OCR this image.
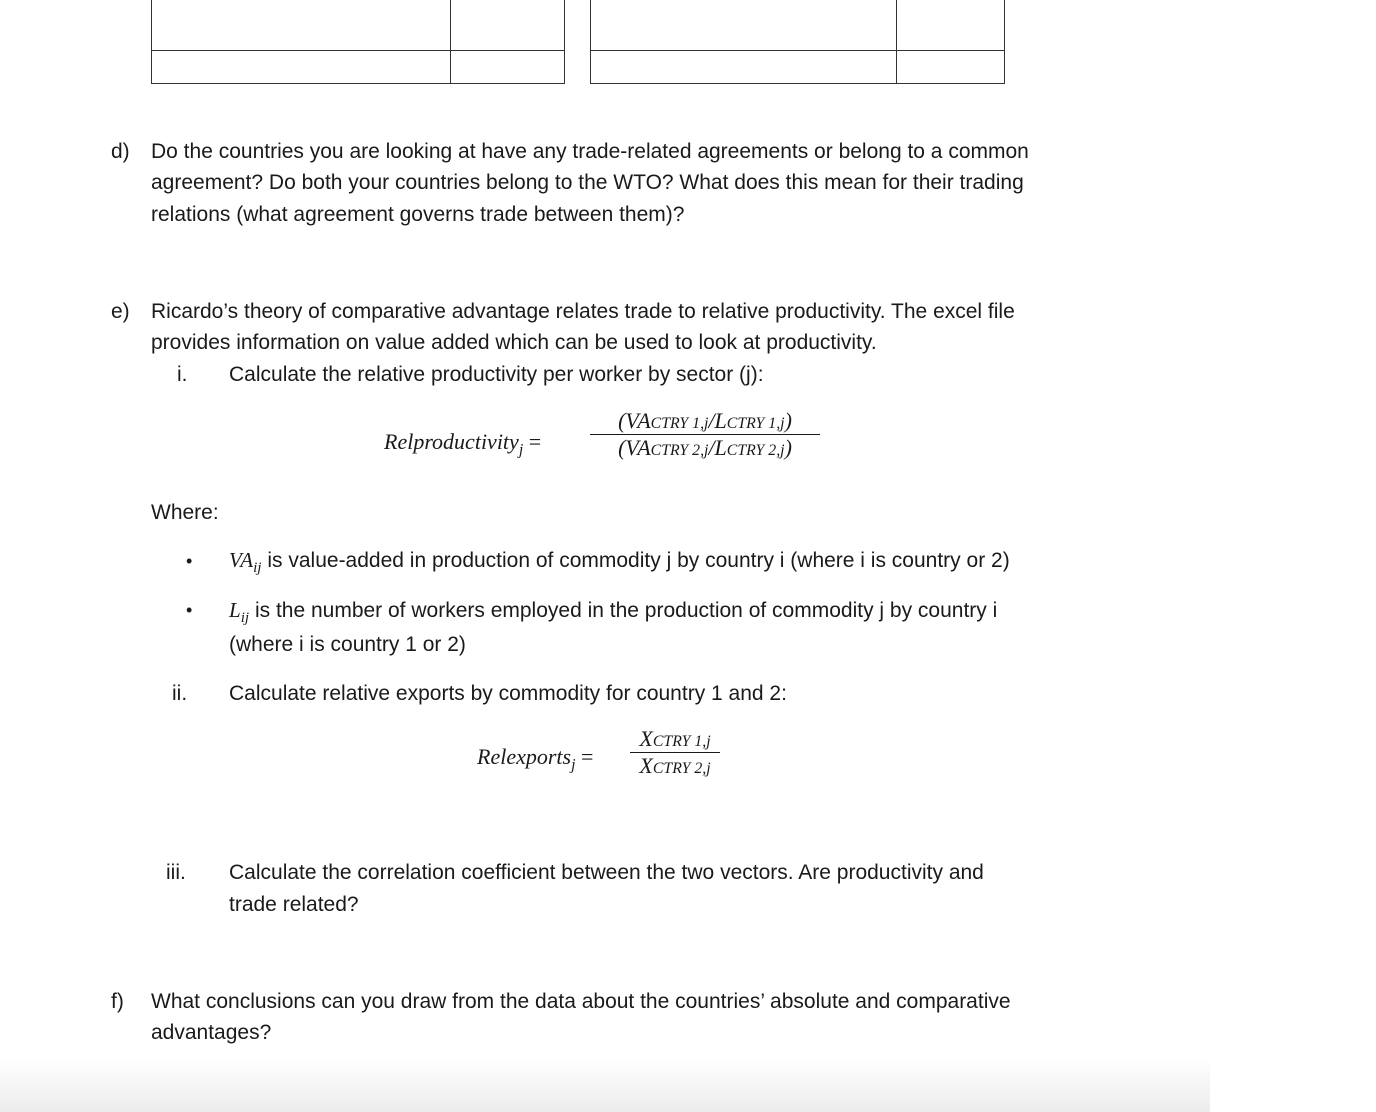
d) Do the countries you are looking at have any trade-related agreements or belong to a common
agreement? Do both your countries belong to the WTO? What does this mean for their trading
relations (what agreement governs trade between them)?
e) Ricardo’s theory of comparative advantage relates trade to relative productivity. The excel file
provides information on value added which can be used to look at productivity.
i. Calculate the relative productivity per worker by sector (j):
Relproductivity$_j$ =
(VACTRY 1,j/LCTRY 1,j)
(VACTRY 2,j/LCTRY 2,j)
Where:
• $VA_{ij}$ is value-added in production of commodity j by country i (where i is country or 2)
• $L_{ij}$ is the number of workers employed in the production of commodity j by country i
(where i is country 1 or 2)
ii. Calculate relative exports by commodity for country 1 and 2:
Relexports$_j$ =
XCTRY 1,j
XCTRY 2,j
iii. Calculate the correlation coefficient between the two vectors. Are productivity and
trade related?
f) What conclusions can you draw from the data about the countries’ absolute and comparative
advantages?
